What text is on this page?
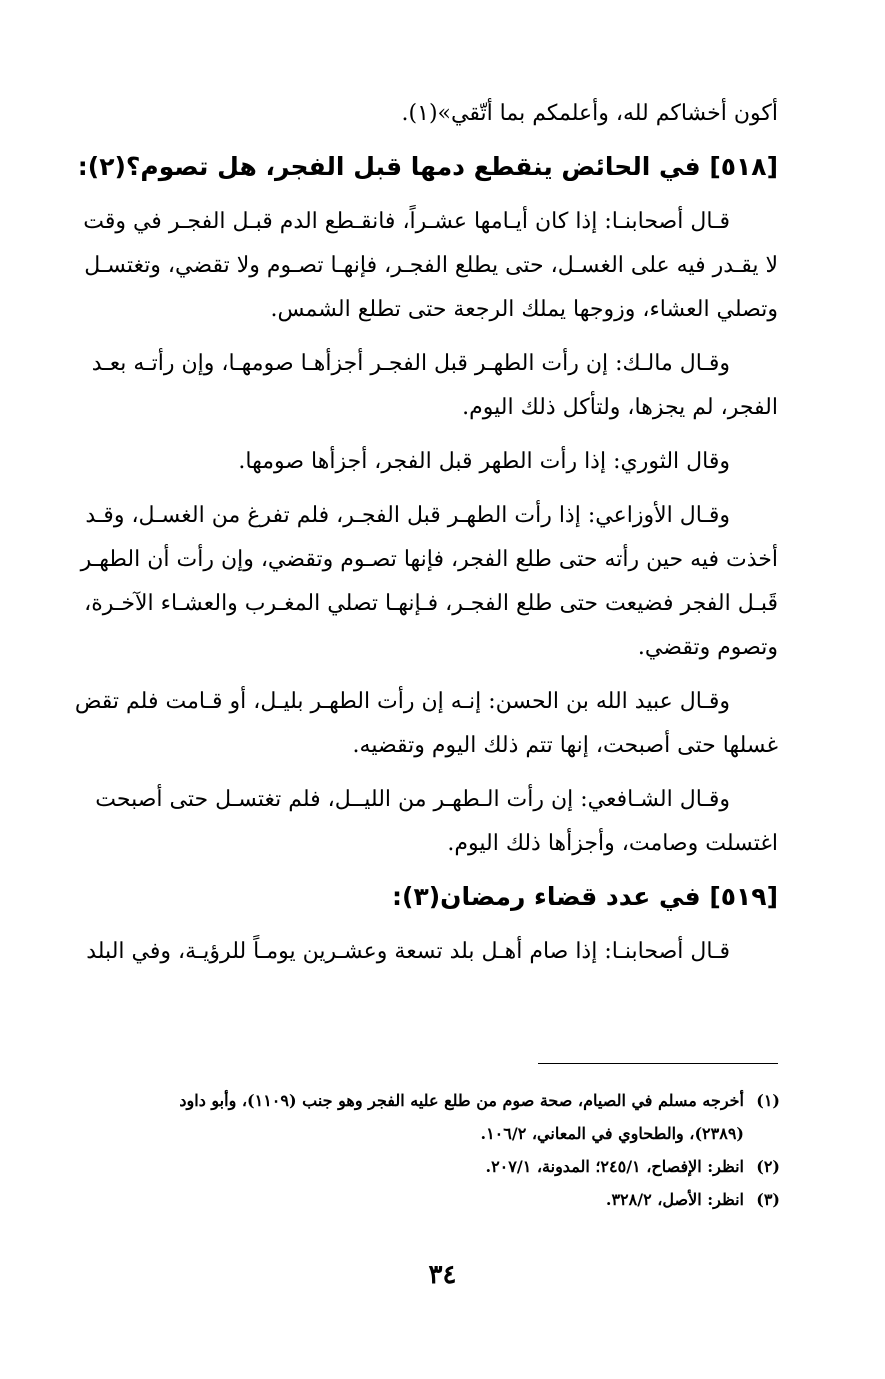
أكون أخشاكم لله، وأعلمكم بما أتّقي»(١).
[٥١٨] في الحائض ينقطع دمها قبل الفجر، هل تصوم؟(٢):
قـال أصحابنـا: إذا كان أيـامها عشـراً، فانقـطع الدم قبـل الفجـر في وقت
لا يقـدر فيه على الغسـل، حتى يطلع الفجـر، فإنهـا تصـوم ولا تقضي، وتغتسـل
وتصلي العشاء، وزوجها يملك الرجعة حتى تطلع الشمس.
وقـال مالـك: إن رأت الطهـر قبل الفجـر أجزأهـا صومهـا، وإن رأتـه بعـد
الفجر، لم يجزها، ولتأكل ذلك اليوم.
وقال الثوري: إذا رأت الطهر قبل الفجر، أجزأها صومها.
وقـال الأوزاعي: إذا رأت الطهـر قبل الفجـر، فلم تفرغ من الغسـل، وقـد
أخذت فيه حين رأته حتى طلع الفجر، فإنها تصـوم وتقضي، وإن رأت أن الطهـر
قَبـل الفجر فضيعت حتى طلع الفجـر، فـإنهـا تصلي المغـرب والعشـاء الآخـرة،
وتصوم وتقضي.
وقـال عبيد الله بن الحسن: إنـه إن رأت الطهـر بليـل، أو قـامت فلم تقض
غسلها حتى أصبحت، إنها تتم ذلك اليوم وتقضيه.
وقـال الشـافعي: إن رأت الـطهـر من الليــل، فلم تغتسـل حتى أصبحت
اغتسلت وصامت، وأجزأها ذلك اليوم.
[٥١٩] في عدد قضاء رمضان(٣):
قـال أصحابنـا: إذا صام أهـل بلد تسعة وعشـرين يومـاً للرؤيـة، وفي البلد
(١)أخرجه مسلم في الصيام، صحة صوم من طلع عليه الفجر وهو جنب (١١٠٩)، وأبو داود
(٢٣٨٩)، والطحاوي في المعاني، ١٠٦/٢.
(٢)انظر: الإفصاح، ٢٤٥/١؛ المدونة، ٢٠٧/١.
(٣)انظر: الأصل، ٣٢٨/٢.
٣٤
